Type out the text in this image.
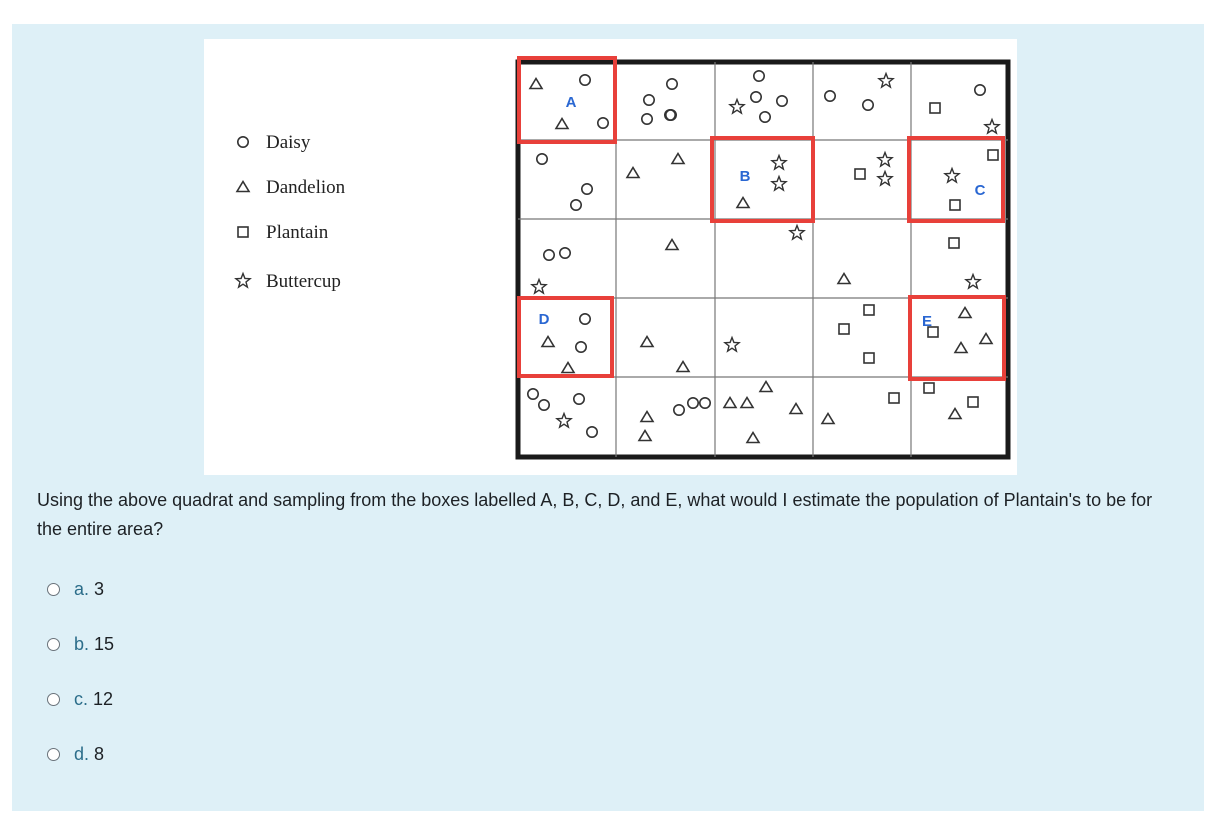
Daisy
Dandelion
Plantain
Buttercup
A
B
C
D	E
Using the above quadrat and sampling from the boxes labelled A, B, C, D, and E, what would I estimate the population of Plantain's to be for the entire area?
a. 3
b. 15
c. 12
d. 8
